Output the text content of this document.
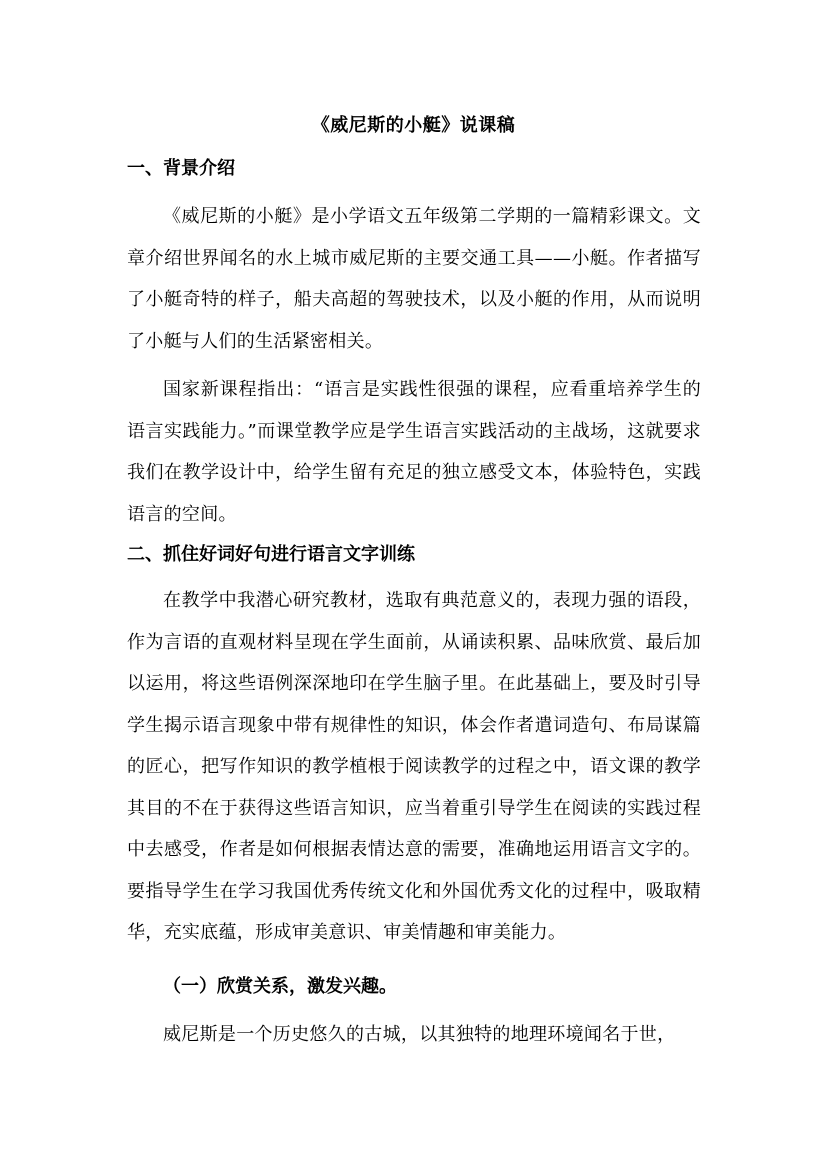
《威尼斯的小艇》说课稿
一、背景介绍

《威尼斯的小艇》是小学语文五年级第二学期的一篇精彩课文。文章介绍世界闻名的水上城市威尼斯的主要交通工具——小艇。作者描写了小艇奇特的样子，船夫高超的驾驶技术，以及小艇的作用，从而说明了小艇与人们的生活紧密相关。

国家新课程指出：“语言是实践性很强的课程，应看重培养学生的语言实践能力。”而课堂教学应是学生语言实践活动的主战场，这就要求我们在教学设计中，给学生留有充足的独立感受文本，体验特色，实践语言的空间。

二、抓住好词好句进行语言文字训练

在教学中我潜心研究教材，选取有典范意义的，表现力强的语段，作为言语的直观材料呈现在学生面前，从诵读积累、品味欣赏、最后加以运用，将这些语例深深地印在学生脑子里。在此基础上，要及时引导学生揭示语言现象中带有规律性的知识，体会作者遣词造句、布局谋篇的匠心，把写作知识的教学植根于阅读教学的过程之中，语文课的教学其目的不在于获得这些语言知识，应当着重引导学生在阅读的实践过程中去感受，作者是如何根据表情达意的需要，准确地运用语言文字的。要指导学生在学习我国优秀传统文化和外国优秀文化的过程中，吸取精华，充实底蕴，形成审美意识、审美情趣和审美能力。

（一）欣赏关系，激发兴趣。

威尼斯是一个历史悠久的古城，以其独特的地理环境闻名于世，
